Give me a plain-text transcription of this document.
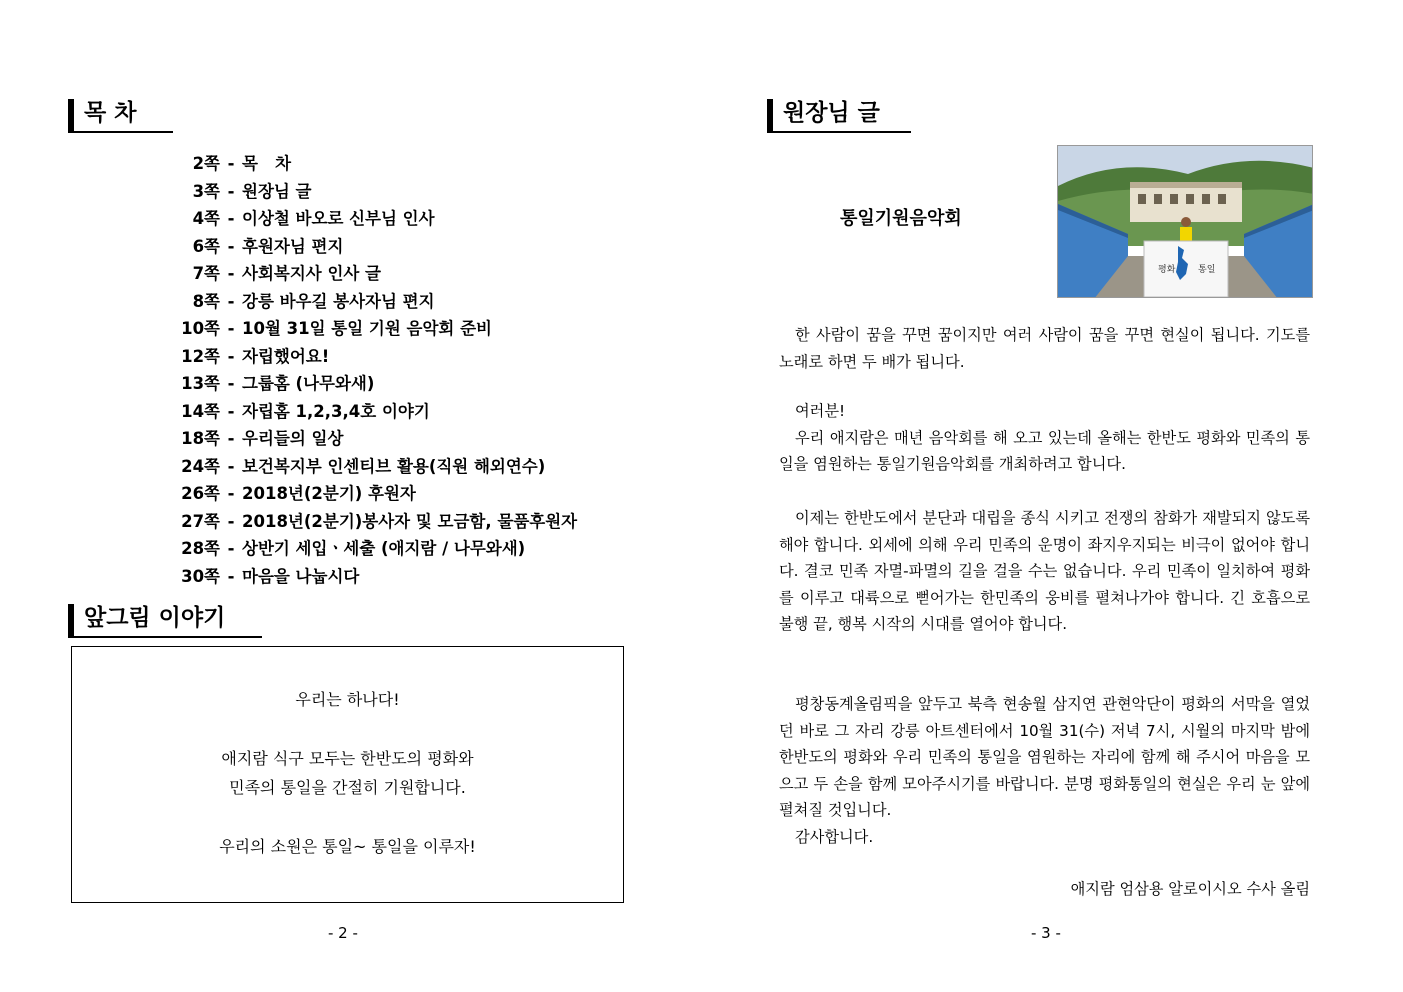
목 차
2쪽 - 목   차
3쪽 - 원장님 글
4쪽 - 이상철 바오로 신부님 인사
6쪽 - 후원자님 편지
7쪽 - 사회복지사 인사 글
8쪽 - 강릉 바우길 봉사자님 편지
10쪽 - 10월 31일 통일 기원 음악회 준비
12쪽 - 자립했어요!
13쪽 - 그룹홈 (나무와새)
14쪽 - 자립홈 1,2,3,4호 이야기
18쪽 - 우리들의 일상
24쪽 - 보건복지부 인센티브 활용(직원 해외연수)
26쪽 - 2018년(2분기) 후원자
27쪽 - 2018년(2분기)봉사자 및 모금함, 물품후원자
28쪽 - 상반기 세입ㆍ세출 (애지람 / 나무와새)
30쪽 - 마음을 나눕시다
앞그림 이야기

우리는 하나다!

애지람 식구 모두는 한반도의 평화와

민족의 통일을 간절히 기원합니다.

우리의 소원은 통일~ 통일을 이루자!

- 2 -
원장님 글
통일기원음악회
평화	통일

한 사람이 꿈을 꾸면 꿈이지만 여러 사람이 꿈을 꾸면 현실이 됩니다. 기도를 노래로 하면 두 배가 됩니다.

여러분!

우리 애지람은 매년 음악회를 해 오고 있는데 올해는 한반도 평화와 민족의 통일을 염원하는 통일기원음악회를 개최하려고 합니다.

이제는 한반도에서 분단과 대립을 종식 시키고 전쟁의 참화가 재발되지 않도록 해야 합니다. 외세에 의해 우리 민족의 운명이 좌지우지되는 비극이 없어야 합니다. 결코 민족 자멸-파멸의 길을 걸을 수는 없습니다. 우리 민족이 일치하여 평화를 이루고 대륙으로 뻗어가는 한민족의 웅비를 펼쳐나가야 합니다. 긴 호흡으로 불행 끝, 행복 시작의 시대를 열어야 합니다.

평창동계올림픽을 앞두고 북측 현송월 삼지연 관현악단이 평화의 서막을 열었던 바로 그 자리 강릉 아트센터에서 10월 31(수) 저녁 7시, 시월의 마지막 밤에 한반도의 평화와 우리 민족의 통일을 염원하는 자리에 함께 해 주시어 마음을 모으고 두 손을 함께 모아주시기를 바랍니다. 분명 평화통일의 현실은 우리 눈 앞에 펼쳐질 것입니다.

감사합니다.

애지람 엄삼용 알로이시오 수사 올림
- 3 -
